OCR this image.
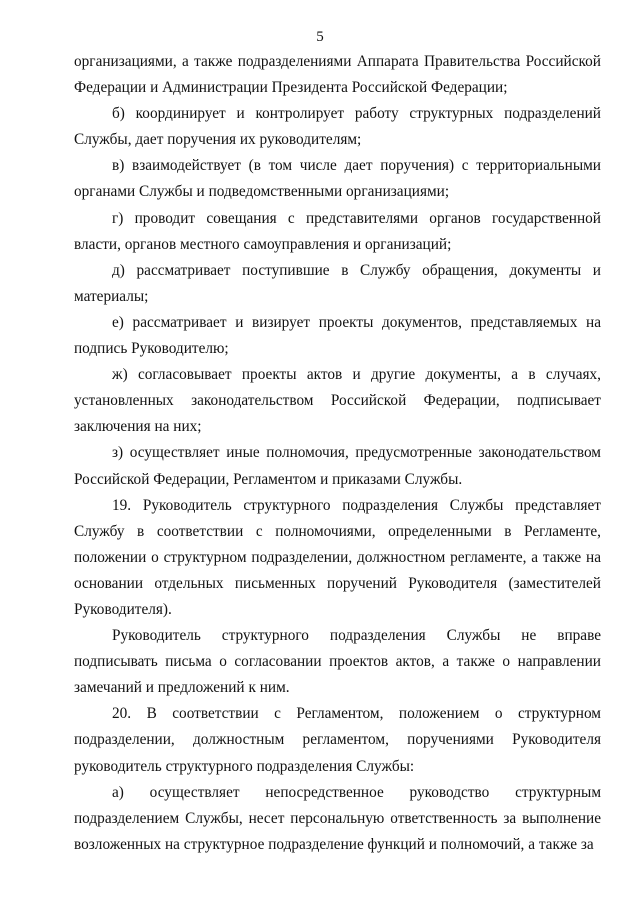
5

организациями, а также подразделениями Аппарата Правительства Российской Федерации и Администрации Президента Российской Федерации;

б) координирует и контролирует работу структурных подразделений Службы, дает поручения их руководителям;

в) взаимодействует (в том числе дает поручения) с территориальными органами Службы и подведомственными организациями;

г) проводит совещания с представителями органов государственной власти, органов местного самоуправления и организаций;

д) рассматривает поступившие в Службу обращения, документы и материалы;

е) рассматривает и визирует проекты документов, представляемых на подпись Руководителю;

ж) согласовывает проекты актов и другие документы, а в случаях, установленных законодательством Российской Федерации, подписывает заключения на них;

з) осуществляет иные полномочия, предусмотренные законодательством Российской Федерации, Регламентом и приказами Службы.

19. Руководитель структурного подразделения Службы представляет Службу в соответствии с полномочиями, определенными в Регламенте, положении о структурном подразделении, должностном регламенте, а также на основании отдельных письменных поручений Руководителя (заместителей Руководителя).

Руководитель структурного подразделения Службы не вправе подписывать письма о согласовании проектов актов, а также о направлении замечаний и предложений к ним.

20. В соответствии с Регламентом, положением о структурном подразделении, должностным регламентом, поручениями Руководителя руководитель структурного подразделения Службы:

а) осуществляет непосредственное руководство структурным подразделением Службы, несет персональную ответственность за выполнение возложенных на структурное подразделение функций и полномочий, а также за
